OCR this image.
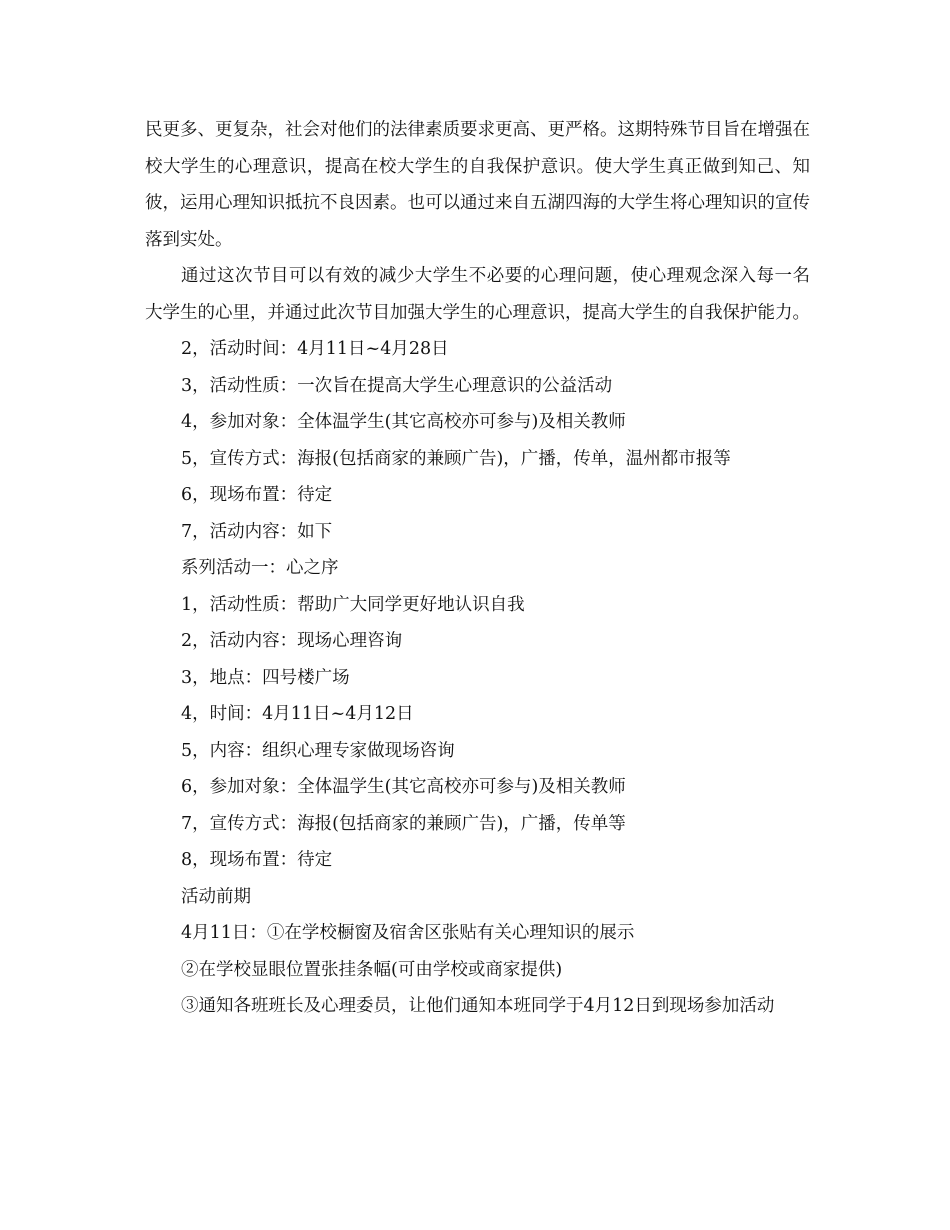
民更多、更复杂，社会对他们的法律素质要求更高、更严格。这期特殊节目旨在增强在校大学生的心理意识，提高在校大学生的自我保护意识。使大学生真正做到知己、知彼，运用心理知识抵抗不良因素。也可以通过来自五湖四海的大学生将心理知识的宣传落到实处。

通过这次节目可以有效的减少大学生不必要的心理问题，使心理观念深入每一名大学生的心里，并通过此次节目加强大学生的心理意识，提高大学生的自我保护能力。

2，活动时间：4月11日~4月28日

3，活动性质：一次旨在提高大学生心理意识的公益活动

4，参加对象：全体温学生(其它高校亦可参与)及相关教师

5，宣传方式：海报(包括商家的兼顾广告)，广播，传单，温州都市报等

6，现场布置：待定

7，活动内容：如下

系列活动一：心之序

1，活动性质：帮助广大同学更好地认识自我

2，活动内容：现场心理咨询

3，地点：四号楼广场

4，时间：4月11日~4月12日

5，内容：组织心理专家做现场咨询

6，参加对象：全体温学生(其它高校亦可参与)及相关教师

7，宣传方式：海报(包括商家的兼顾广告)，广播，传单等

8，现场布置：待定

活动前期

4月11日：①在学校橱窗及宿舍区张贴有关心理知识的展示

②在学校显眼位置张挂条幅(可由学校或商家提供)

③通知各班班长及心理委员，让他们通知本班同学于4月12日到现场参加活动
